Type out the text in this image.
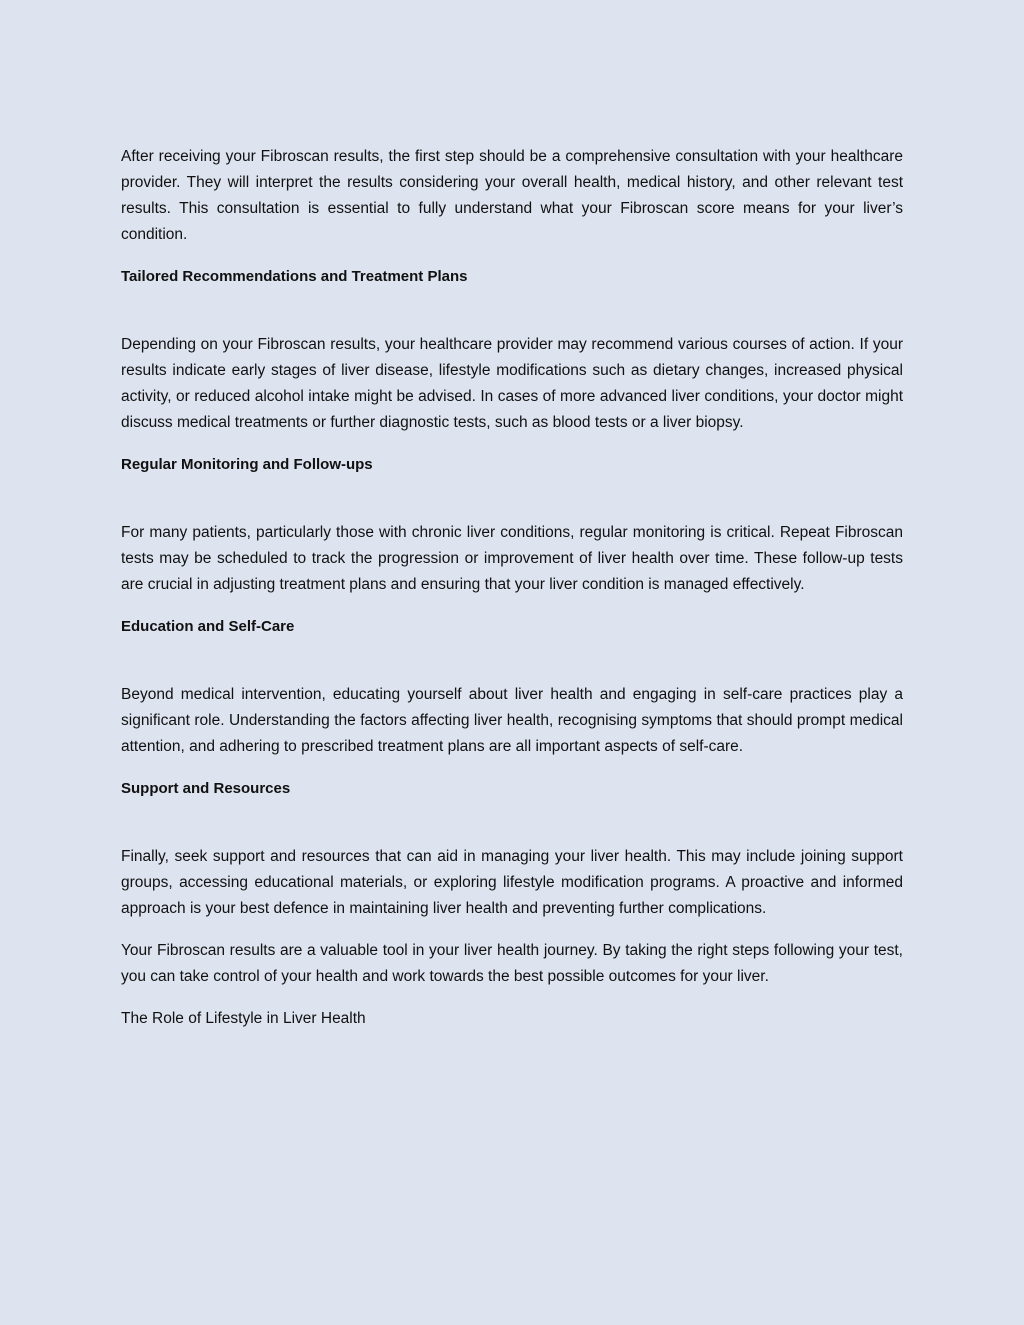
After receiving your Fibroscan results, the first step should be a comprehensive consultation with your healthcare provider. They will interpret the results considering your overall health, medical history, and other relevant test results. This consultation is essential to fully understand what your Fibroscan score means for your liver’s condition.

Tailored Recommendations and Treatment Plans

Depending on your Fibroscan results, your healthcare provider may recommend various courses of action. If your results indicate early stages of liver disease, lifestyle modifications such as dietary changes, increased physical activity, or reduced alcohol intake might be advised. In cases of more advanced liver conditions, your doctor might discuss medical treatments or further diagnostic tests, such as blood tests or a liver biopsy.

Regular Monitoring and Follow-ups

For many patients, particularly those with chronic liver conditions, regular monitoring is critical. Repeat Fibroscan tests may be scheduled to track the progression or improvement of liver health over time. These follow-up tests are crucial in adjusting treatment plans and ensuring that your liver condition is managed effectively.

Education and Self-Care

Beyond medical intervention, educating yourself about liver health and engaging in self-care practices play a significant role. Understanding the factors affecting liver health, recognising symptoms that should prompt medical attention, and adhering to prescribed treatment plans are all important aspects of self-care.

Support and Resources

Finally, seek support and resources that can aid in managing your liver health. This may include joining support groups, accessing educational materials, or exploring lifestyle modification programs. A proactive and informed approach is your best defence in maintaining liver health and preventing further complications.

Your Fibroscan results are a valuable tool in your liver health journey. By taking the right steps following your test, you can take control of your health and work towards the best possible outcomes for your liver.

The Role of Lifestyle in Liver Health
